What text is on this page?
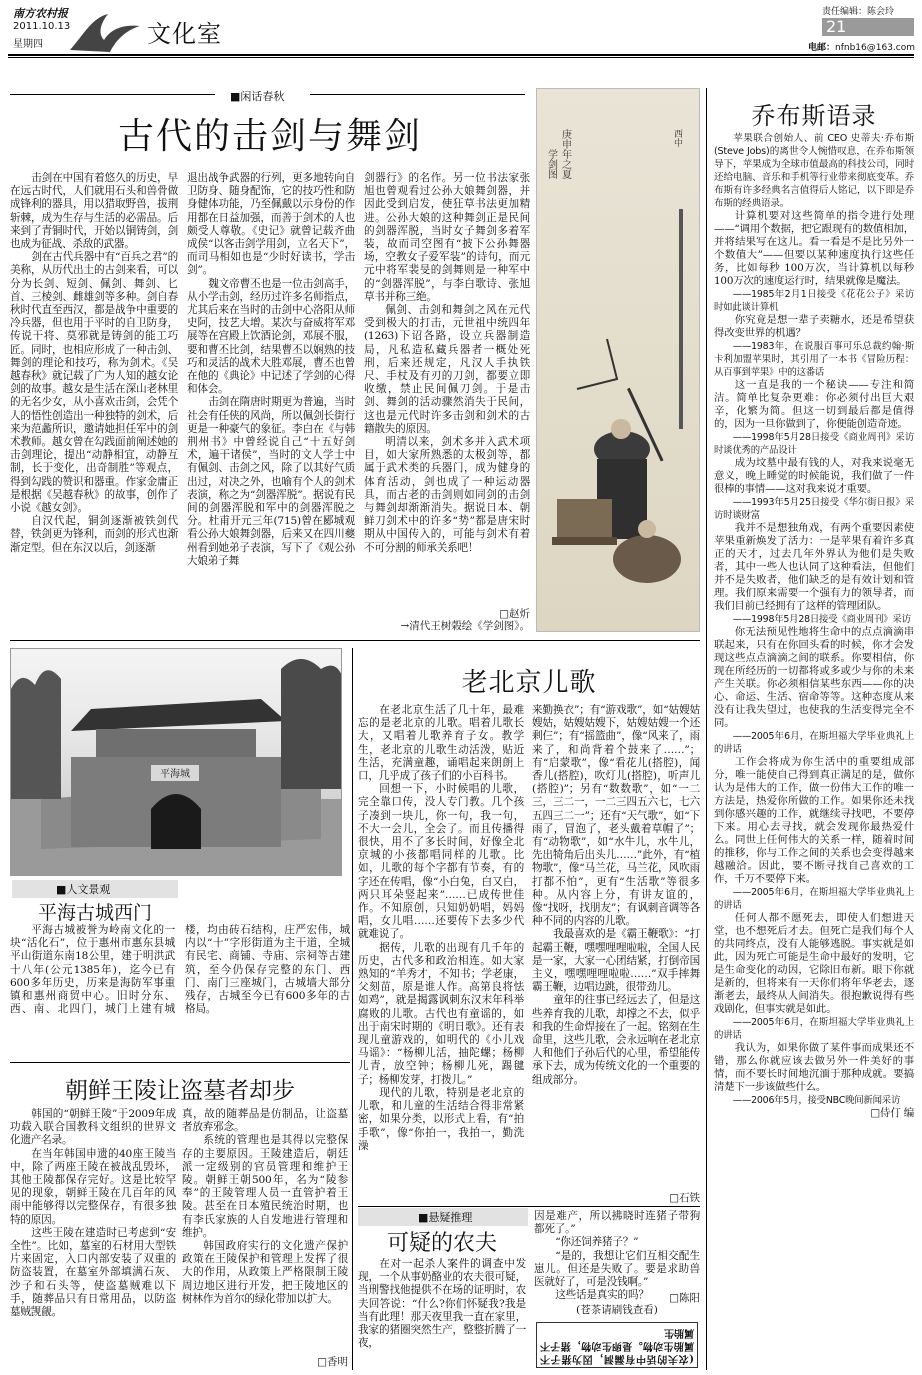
南方农村报
2011.10.13
星期四	文化室
责任编辑：陈会玲
21
电邮：nfnb16@163.com
■闲话春秋
古代的击剑与舞剑

击剑在中国有着悠久的历史，早在远古时代，人们就用石头和兽骨做成锋利的器具，用以猎取野兽，拔荆斩棘，成为生存与生活的必需品。后来到了青铜时代，开始以铜铸剑，剑也成为征战、杀敌的武器。

剑在古代兵器中有“百兵之君”的美称，从历代出土的古剑来看，可以分为长剑、短剑、佩剑、舞剑、匕首、三棱剑、雌雄剑等多种。剑自春秋时代直至西汉，都是战争中重要的冷兵器，但也用于平时的自卫防身，传说干将、莫邪就是铸剑的能工巧匠。同时，也相应形成了一种击剑、舞剑的理论和技巧，称为剑术。《吴越春秋》就记载了广为人知的越女论剑的故事。越女是生活在深山老林里的无名少女，从小喜欢击剑，会凭个人的悟性创造出一种独特的剑术，后来为范蠡所识，邀请她担任军中的剑术教师。越女曾在勾践面前阐述她的击剑理论，提出“动静相宜，动静互制，长于变化，出奇制胜”等观点，得到勾践的赞识和器重。作家金庸正是根据《吴越春秋》的故事，创作了小说《越女剑》。

自汉代起，铜剑逐渐被铁剑代替，铁剑更为锋利，而剑的形式也渐渐定型。但在东汉以后，剑逐渐

退出战争武器的行列，更多地转向自卫防身、随身配饰，它的技巧性和防身健体功能，乃至佩戴以示身份的作用都在日益加强，而善于剑术的人也颇受人尊敬。《史记》就曾记载齐曲成侯“以客击剑学用剑，立名天下”，而司马相如也是“少时好读书，学击剑”。

魏文帝曹丕也是一位击剑高手，从小学击剑，经历过许多名师指点，尤其后来在当时的击剑中心洛阳从师史阿，技艺大增。某次与奋威将军邓展等在宫殿上饮酒论剑，邓展不服，要和曹丕比剑，结果曹丕以娴熟的技巧和灵活的战术大胜邓展，曹丕也曾在他的《典论》中记述了学剑的心得和体会。

击剑在隋唐时期更为普遍，当时社会有任侠的风尚，所以佩剑长街行更是一种豪气的象征。李白在《与韩荆州书》中曾经说自己“十五好剑术，遍干诸侯”，当时的文人学士中有佩剑、击剑之风，除了以其好气质出过，对决之外，也喻有个人的剑术表演，称之为“剑器浑脱”。据说有民间的剑器浑脱和军中的剑器浑脱之分。杜甫开元三年(715)曾在郾城观看公孙大娘舞剑器，后来又在四川夔州看到她弟子表演，写下了《观公孙大娘弟子舞

剑器行》的名作。另一位书法家张旭也曾观看过公孙大娘舞剑器，并因此受到启发，使狂草书法更加精进。公孙大娘的这种舞剑正是民间的剑器浑脱，当时女子舞剑多着军装，故而司空图有“披下公孙舞器场，空教女子爱军装”的诗句，而元元中将军裴旻的剑舞则是一种军中的“剑器浑脱”，与李白歌诗、张旭草书并称三绝。

佩剑、击剑和舞剑之风在元代受到极大的打击，元世祖中统四年(1263)下诏各路，设立兵器制造局，凡私造私藏兵器者一概处死刑，后来还规定，凡汉人手执铁尺、手杖及有刃的刀剑，都要立即收缴，禁止民间佩刀剑。于是击剑、舞剑的活动骤然消失于民间，这也是元代时许多击剑和剑术的古籍散失的原因。

明清以来，剑术多并入武术项目，如大家所熟悉的太极剑等，都属于武术类的兵器门，成为健身的体育活动，剑也成了一种运动器具，而古老的击剑则如同剑的击剑与舞剑却渐渐消失。据说日本、朝鲜刀剑术中的许多“势”都是唐宋时期从中国传入的，可能与剑术有着不可分割的师承关系吧！

□赵炘
→清代王树榖绘《学剑图》。
庚申年之夏
学剑图
西中
乔布斯语录

苹果联合创始人、前 CEO 史蒂夫·乔布斯(Steve Jobs)的离世令人惋惜叹息，在乔布斯领导下，苹果成为全球市值最高的科技公司，同时还给电脑、音乐和手机等行业带来彻底变革。乔布斯有许多经典名言值得后人铭记，以下即是乔布斯的经典语录。

计算机要对这些简单的指令进行处理——“调用个数据，把它跟现有的数值相加，并将结果写在这儿。看一看是不是比另外一个数值大”——但要以某种速度执行这些任务，比如每秒 100万次，当计算机以每秒 100万次的速度运行时，结果就像是魔法。

——1985年2月1日接受《花花公子》采访时如此谈计算机

你究竟是想一辈子卖糖水，还是希望获得改变世界的机遇？

——1983年，在说服百事可乐总裁约翰·斯卡利加盟苹果时，其引用了一本书《冒险历程：从百事到苹果》中的这番话

这一直是我的一个秘诀——专注和简洁。简单比复杂更难：你必须付出巨大艰辛，化繁为简。但这一切到最后都是值得的，因为一旦你做到了，你便能创造奇迹。

——1998年5月28日接受《商业周刊》采访时谈优秀的产品设计

成为坟墓中最有钱的人，对我来说毫无意义，晚上睡觉的时候能说，我们做了一件很棒的事情——这对我来说才重要。

——1993年5月25日接受《华尔街日报》采访时谈财富

我并不是想独角戏，有两个重要因素使苹果重新焕发了活力：一是苹果有着许多真正的天才，过去几年外界认为他们是失败者，其中一些人也认同了这种看法，但他们并不是失败者，他们缺乏的是有效计划和管理。我们原来需要一个强有力的领导者，而我们目前已经拥有了这样的管理团队。

——1998年5月28日接受《商业周刊》采访

你无法预见性地将生命中的点点滴滴串联起来，只有在你回头看的时候，你才会发现这些点点滴滴之间的联系。你要相信，你现在所经历的一切都将或多或少与你的未来产生关联。你必须相信某些东西——你的决心、命运、生活、宿命等等。这种态度从来没有让我失望过，也使我的生活变得完全不同。

——2005年6月，在斯坦福大学毕业典礼上的讲话

工作会将成为你生活中的重要组成部分，唯一能使自己得到真正满足的是，做你认为是伟大的工作，做一份伟大工作的唯一方法是，热爱你所做的工作。如果你还未找到你感兴趣的工作，就继续寻找吧，不要停下来。用心去寻找，就会发现你最热爱什么。同世上任何伟大的关系一样，随着时间的推移，你与工作之间的关系也会变得越来越融洽。因此，要不断寻找自己喜欢的工作，千万不要停下来。

——2005年6月，在斯坦福大学毕业典礼上的讲话

任何人都不愿死去，即使人们想进天堂，也不想死后才去。但死亡是我们每个人的共同终点，没有人能够逃脱。事实就是如此，因为死亡可能是生命中最好的发明，它是生命变化的动因，它除旧布新。眼下你就是新的，但将来有一天你们将年华老去，逐渐老去，最终从人间消失。很抱歉说得有些戏剧化，但事实就是如此。

——2005年6月，在斯坦福大学毕业典礼上的讲话

我认为，如果你做了某件事而成果还不错，那么你就应该去做另外一件美好的事情，而不要长时间地沉湎于那种成就。要搞清楚下一步该做些什么。

——2006年5月，接受NBC晚间新闻采访

□侍仃 编
平海城
■人文景观
平海古城西门

平海古城被誉为岭南文化的一块“活化石”，位于惠州市惠东县城平山街道东南18公里，建于明洪武十八年(公元1385年)，迄今已有600多年历史，历来是海防军事重镇和惠州商贸中心。旧时分东、西、南、北四门，城门上建有城楼，均由砖石结构，庄严宏伟，城内以“十”字形街道为主干道，全城有民宅、商铺、寺庙、宗祠等古建筑，至今仍保存完整的东门、西门、南门三座城门，古城墙大部分残存，古城至今已有600多年的古格局。

朝鲜王陵让盗墓者却步

韩国的“朝鲜王陵”于2009年成功载入联合国教科文组织的世界文化遗产名录。

在当年韩国申遗的40座王陵当中，除了两座王陵在被战乱毁坏，其他王陵都保存完好。这是比较罕见的现象，朝鲜王陵在几百年的风雨中能够得以完整保存，有很多独特的原因。

这些王陵在建造时已考虑到“安全性”。比如，墓室的石材用大型铁片来固定，入口内部安装了双重的防盗装置，在墓室外部填满石灰、沙子和石头等，使盗墓贼难以下手，随葬品只有日常用品，以防盗墓贼觊觎。

真，故的随葬品是仿制品，让盗墓者放弃邪念。

系统的管理也是其得以完整保存的主要原因。王陵建造后，朝廷派一定级别的官员管理和维护王陵。朝鲜王朝500年，名为“陵参奉”的王陵管理人员一直管护着王陵。甚至在日本殖民统治时期，也有李氏家族的人自发地进行管理和维护。

韩国政府实行的文化遗产保护政策在王陵保护和管理上发挥了很大的作用，从政策上严格限制王陵周边地区进行开发，把王陵地区的树林作为首尔的绿化带加以扩大。

□香明
老北京儿歌

在老北京生活了几十年，最难忘的是老北京的儿歌。唱着儿歌长大，又唱着儿歌养育子女。教学生，老北京的儿歌生动活泼，贴近生活，充满童趣，诵唱起来朗朗上口，几乎成了孩子们的小百科书。

回想一下，小时候唱的儿歌，完全靠口传，没人专门教。几个孩子凑到一块儿，你一句，我一句，不大一会儿，全会了。而且传播得很快，用不了多长时间，好像全北京城的小孩都唱同样的儿歌。比如，儿歌的每个字都有节奏，有的字还在传唱，像“小白兔，白又白，两只耳朵竖起来”……已成传世佳作。不知原创，只知奶奶唱，妈妈唱，女儿唱……还要传下去多少代就难说了。

据传，儿歌的出现有几千年的历史，古代多和政治相连。如大家熟知的“羊秀才，不知书；学老康，父刻苗，原是谁人作。高第良将怯如鸡”，就是揭露讽刺东汉末年科举腐败的儿歌。古代也有童谣的，如出于南宋时期的《明日歌》。还有表现儿童游戏的，如明代的《小儿戏马谣》：“杨柳儿活，抽陀螺；杨柳儿青，放空钟；杨柳儿死，踢毽子；杨柳发芽，打拨儿。”

现代的儿歌，特别是老北京的儿歌，和儿童的生活结合得非常紧密，如果分类，以形式上看，有“拍手歌”，像“你拍一，我拍一，勤洗澡

来勤换衣”；有“游戏歌”，如“姑嫂姑嫂姑，姑嫂姑嫂下，姑嫂姑嫂一个还剩仨”；有“摇篮曲”，像“风来了，雨来了，和尚背着个鼓来了……”；有“启蒙歌”，像“看花儿(搭腔)，闻香儿(搭腔)，吹灯儿(搭腔)，听声儿(搭腔)”；另有“数数歌”，如“一二三，三二一，一二三四五六七，七六五四三二一”；还有“天气歌”，如“下雨了，冒泡了，老头戴着草帽了”；有“动物歌”，如“水牛儿，水牛儿，先出犄角后出头儿……”此外，有“植物歌”，像“马兰花，马兰花，风吹雨打都不怕”，更有“生活歌”等很多种。从内容上分，有讲友谊的，像“找呀，找朋友”；有讽刺音调等各种不同的内容的儿歌。

我最喜欢的是《霸王鞭歌》：“打起霸王鞭，嘿嘿哩哩啦啦，全国人民是一家，大家一心团结紧，打倒帝国主义，嘿嘿哩哩啦啦……”双手摔舞霸王鞭，边唱边跳，很带劲儿。

童年的往事已经远去了，但是这些养育我的儿歌，却撑之不去，似乎和我的生命焊接在了一起。铭刻在生命里，这些儿歌，会永远响在老北京人和他们子孙后代的心里，希望能传承下去，成为传统文化的一个重要的组成部分。

□石铁
■悬疑推理
可疑的农夫

在对一起杀人案件的调查中发现，一个从事奶酪业的农夫很可疑，当刑警找他提供不在场的证明时，农夫回答说：“什么?你们怀疑我?我是当有此理！那天夜里我一直在家里，我家的猪圈突然生产，整整折腾了一夜，

因是难产，所以拂晓时连猪子带狗都死了。”

“你还饲养猪子？”

“是的，我想让它们互相交配生崽儿。但还是失败了。要是求助兽医就好了，可是没钱啊。”

这些话是真实的吗？	□陈阳
(苍茶请刷钱查看)
(农夫的话中有漏洞，因为猪子不属胎生动物。是卵生动物，猪子不属胎生
